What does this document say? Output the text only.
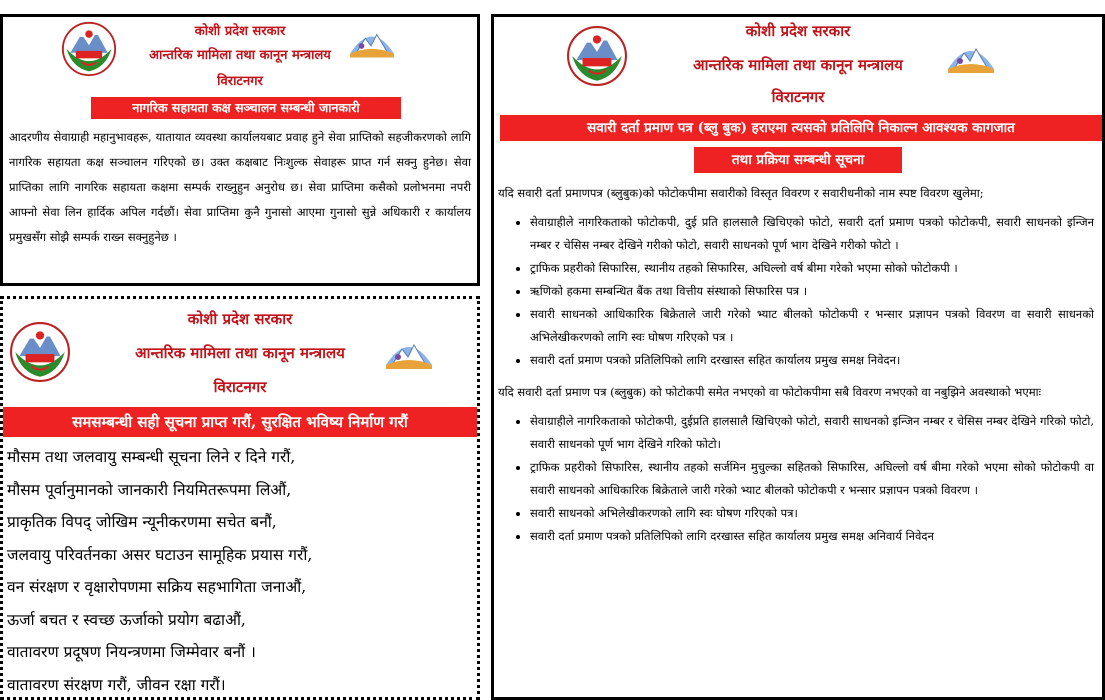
कोशी प्रदेश सरकार
आन्तरिक मामिला तथा कानून मन्त्रालय
विराटनगर
नागरिक सहायता कक्ष सञ्चालन सम्बन्धी जानकारी
आदरणीय सेवाग्राही महानुभावहरू, यातायात व्यवस्था कार्यालयबाट प्रवाह हुने सेवा प्राप्तिको सहजीकरणको लागि नागरिक सहायता कक्ष सञ्चालन गरिएको छ। उक्त कक्षबाट निःशुल्क सेवाहरू प्राप्त गर्न सक्नु हुनेछ। सेवा प्राप्तिका लागि नागरिक सहायता कक्षमा सम्पर्क राख्नुहुन अनुरोध छ। सेवा प्राप्तिमा कसैको प्रलोभनमा नपरी आफ्नो सेवा लिन हार्दिक अपिल गर्दछौं। सेवा प्राप्तिमा कुनै गुनासो आएमा गुनासो सुन्ने अधिकारी र कार्यालय प्रमुखसँग सोझै सम्पर्क राख्न सक्नुहुनेछ ।
कोशी प्रदेश सरकार
आन्तरिक मामिला तथा कानून मन्त्रालय
विराटनगर
समसम्बन्धी सही सूचना प्राप्त गरौं, सुरक्षित भविष्य निर्माण गरौं
मौसम तथा जलवायु सम्बन्धी सूचना लिने र दिने गरौं,
मौसम पूर्वानुमानको जानकारी नियमितरूपमा लिऔं,
प्राकृतिक विपद् जोखिम न्यूनीकरणमा सचेत बनौं,
जलवायु परिवर्तनका असर घटाउन सामूहिक प्रयास गरौं,
वन संरक्षण र वृक्षारोपणमा सक्रिय सहभागिता जनाऔं,
ऊर्जा बचत र स्वच्छ ऊर्जाको प्रयोग बढाऔं,
वातावरण प्रदूषण नियन्त्रणमा जिम्मेवार बनौं ।
वातावरण संरक्षण गरौं, जीवन रक्षा गरौं।
कोशी प्रदेश सरकार
आन्तरिक मामिला तथा कानून मन्त्रालय
विराटनगर
सवारी दर्ता प्रमाण पत्र (ब्लु बुक) हराएमा त्यसको प्रतिलिपि निकाल्न आवश्यक कागजात
तथा प्रक्रिया सम्बन्धी सूचना
यदि सवारी दर्ता प्रमाणपत्र (ब्लुबुक)को फोटोकपीमा सवारीको विस्तृत विवरण र सवारीधनीको नाम स्पष्ट विवरण खुलेमा;
• सेवाग्राहीले नागरिकताको फोटोकपी, दुई प्रति हालसालै खिचिएको फोटो, सवारी दर्ता प्रमाण पत्रको फोटोकपी, सवारी साधनको इन्जिन नम्बर र चेसिस नम्बर देखिने गरीको फोटो, सवारी साधनको पूर्ण भाग देखिने गरीको फोटो ।
• ट्राफिक प्रहरीको सिफारिस, स्थानीय तहको सिफारिस, अघिल्लो वर्ष बीमा गरेको भएमा सोको फोटोकपी ।
• ऋणिको हकमा सम्बन्धित बैंक तथा वित्तीय संस्थाको सिफारिस पत्र ।
• सवारी साधनको आधिकारिक बिक्रेताले जारी गरेको भ्याट बीलको फोटोकपी र भन्सार प्रज्ञापन पत्रको विवरण वा सवारी साधनको अभिलेखीकरणको लागि स्वः घोषण गरिएको पत्र ।
• सवारी दर्ता प्रमाण पत्रको प्रतिलिपिको लागि दरखास्त सहित कार्यालय प्रमुख समक्ष निवेदन।
यदि सवारी दर्ता प्रमाण पत्र (ब्लुबुक) को फोटोकपी समेत नभएको वा फोटोकपीमा सबै विवरण नभएको वा नबुझिने अवस्थाको भएमाः
• सेवाग्राहीले नागरिकताको फोटोकपी, दुईप्रति हालसालै खिचिएको फोटो, सवारी साधनको इन्जिन नम्बर र चेसिस नम्बर देखिने गरिको फोटो, सवारी साधनको पूर्ण भाग देखिने गरिको फोटो।
• ट्राफिक प्रहरीको सिफारिस, स्थानीय तहको सर्जमिन मुचुल्का सहितको सिफारिस, अघिल्लो वर्ष बीमा गरेको भएमा सोको फोटोकपी वा सवारी साधनको आधिकारिक बिक्रेताले जारी गरेको भ्याट बीलको फोटोकपी र भन्सार प्रज्ञापन पत्रको विवरण ।
• सवारी साधनको अभिलेखीकरणको लागि स्वः घोषण गरिएको पत्र।
• सवारी दर्ता प्रमाण पत्रको प्रतिलिपिको लागि दरखास्त सहित कार्यालय प्रमुख समक्ष अनिवार्य निवेदन
